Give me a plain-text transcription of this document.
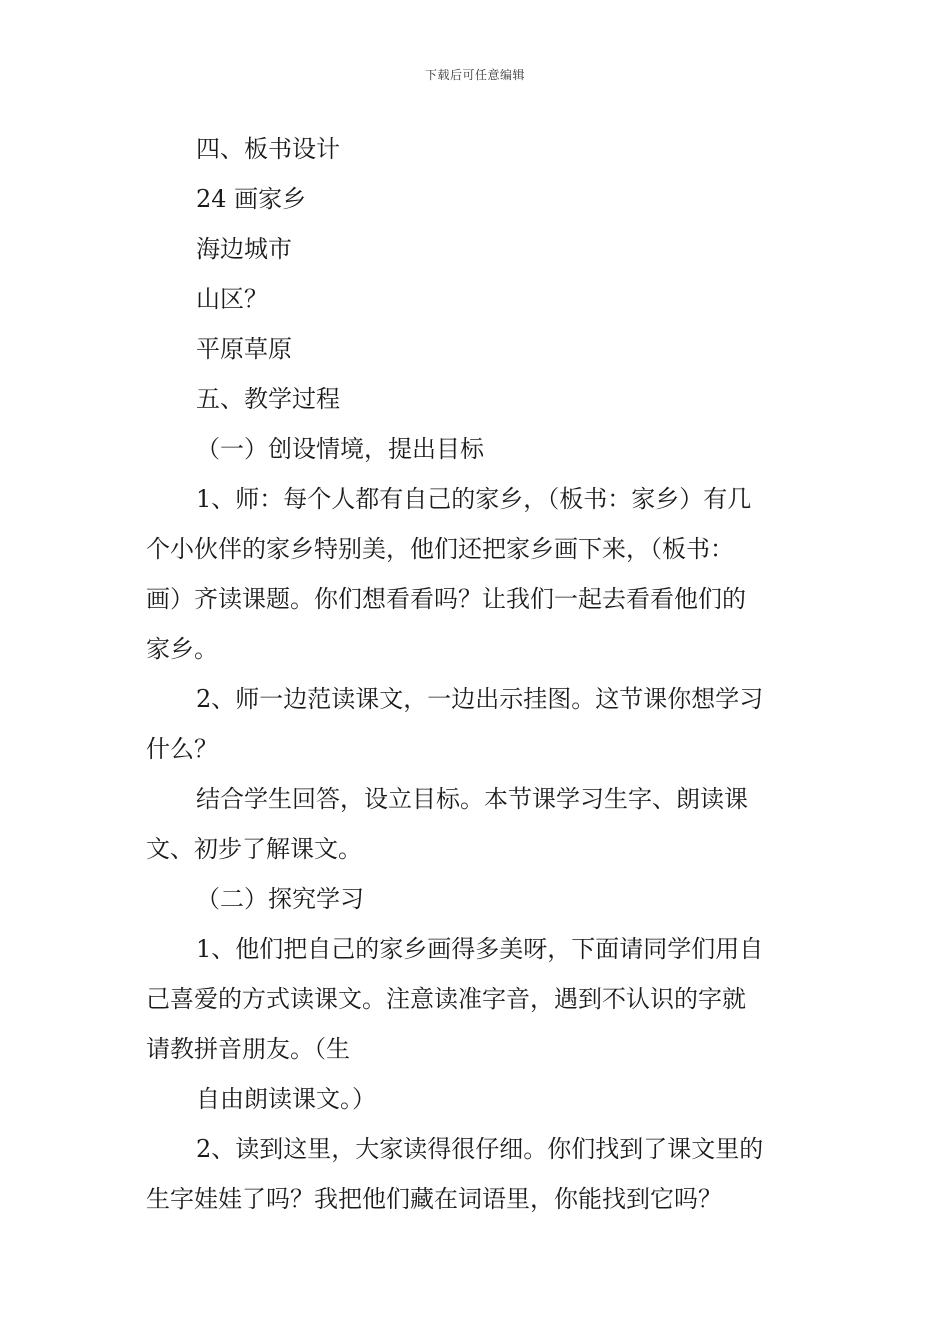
下载后可任意编辑

四、板书设计

24 画家乡

海边城市

山区？

平原草原

五、教学过程

（一）创设情境，提出目标

1、师：每个人都有自己的家乡，（板书：家乡）有几

个小伙伴的家乡特别美，他们还把家乡画下来，（板书：

画）齐读课题。你们想看看吗？让我们一起去看看他们的

家乡。

2、师一边范读课文，一边出示挂图。这节课你想学习

什么？

结合学生回答，设立目标。本节课学习生字、朗读课

文、初步了解课文。

（二）探究学习

1、他们把自己的家乡画得多美呀，下面请同学们用自

己喜爱的方式读课文。注意读准字音，遇到不认识的字就

请教拼音朋友。（生

自由朗读课文。）

2、读到这里，大家读得很仔细。你们找到了课文里的

生字娃娃了吗？我把他们藏在词语里，你能找到它吗？
